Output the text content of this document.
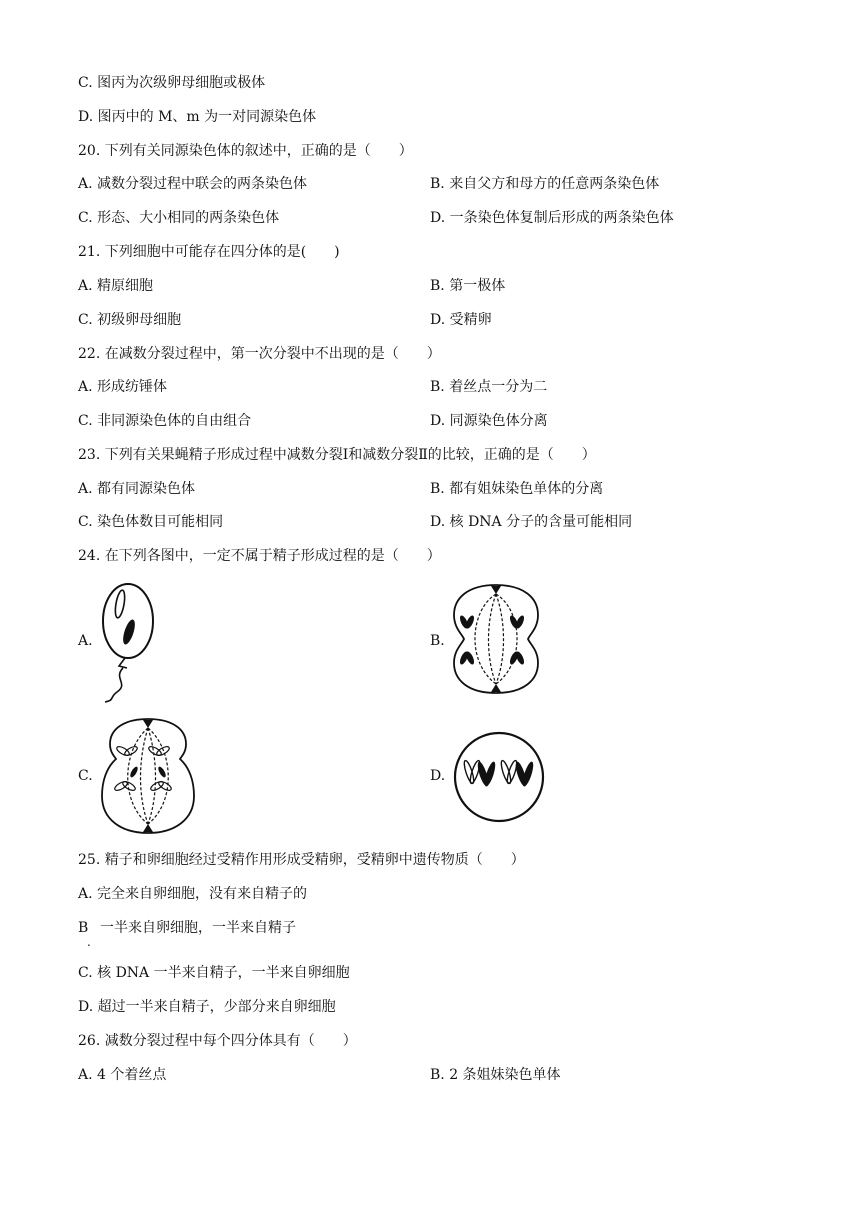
C. 图丙为次级卵母细胞或极体
D. 图丙中的 M、m 为一对同源染色体
20. 下列有关同源染色体的叙述中，正确的是（　　）
A. 减数分裂过程中联会的两条染色体	B. 来自父方和母方的任意两条染色体
C. 形态、大小相同的两条染色体	D. 一条染色体复制后形成的两条染色体
21. 下列细胞中可能存在四分体的是(　　)
A. 精原细胞	B. 第一极体
C. 初级卵母细胞	D. 受精卵
22. 在减数分裂过程中，第一次分裂中不出现的是（　　）
A. 形成纺锤体	B. 着丝点一分为二
C. 非同源染色体的自由组合	D. 同源染色体分离
23. 下列有关果蝇精子形成过程中减数分裂Ⅰ和减数分裂Ⅱ的比较，正确的是（　　）
A. 都有同源染色体	B. 都有姐妹染色单体的分离
C. 染色体数目可能相同	D. 核 DNA 分子的含量可能相同
24. 在下列各图中，一定不属于精子形成过程的是（　　）
A.	B.
C.	D.
25. 精子和卵细胞经过受精作用形成受精卵，受精卵中遗传物质（　　）
A. 完全来自卵细胞，没有来自精子的
B
.
一半来自卵细胞，一半来自精子
C. 核 DNA 一半来自精子，一半来自卵细胞
D. 超过一半来自精子，少部分来自卵细胞
26. 减数分裂过程中每个四分体具有（　　）
A. 4 个着丝点	B. 2 条姐妹染色单体
